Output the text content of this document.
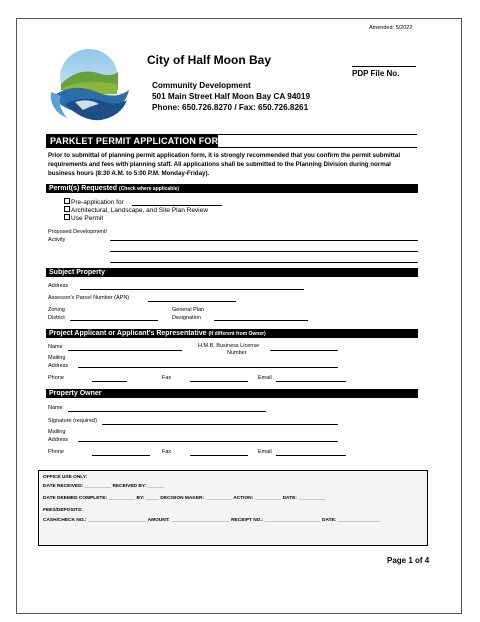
Amended: 5/2022
City of Half Moon Bay
PDP File No.
Community Development
501 Main Street Half Moon Bay CA 94019
Phone: 650.726.8270 / Fax: 650.726.8261
PARKLET PERMIT APPLICATION FORM
Prior to submittal of planning permit application form, it is strongly recommended that you confirm the permit submittal requirements and fees with planning staff. All applications shall be submitted to the Planning Division during normal business hours (8:30 A.M. to 5:00 P.M. Monday-Friday).
Permit(s) Requested (Check where applicable)
Pre-application for
Architectural, Landscape, and Site Plan Review
Use Permit
Proposed Development/
Activity
Subject Property
Address
Assessor's Parcel Number (APN)
Zoning
District
General Plan
Designation
Project Applicant or Applicant's Representative (If different from Owner)
Name	H.M.B. Business License
Number
Mailing
Address
Phone	Fax	Email
Property Owner
Name
Signature (required)
Mailing
Address
Phone	Fax	Email
OFFICE USE ONLY:
DATE RECEIVED: __________ RECEIVED BY: ______
DATE DEEMED COMPLETE: __________ BY: _____ DECISION MAKER: __________ ACTION: __________ DATE: __________
FEES/DEPOSITS:
CASH/CHECK NO.: ______________________ AMOUNT: ______________________ RECEIPT NO.: _____________________ DATE: ________________
Page 1 of 4
